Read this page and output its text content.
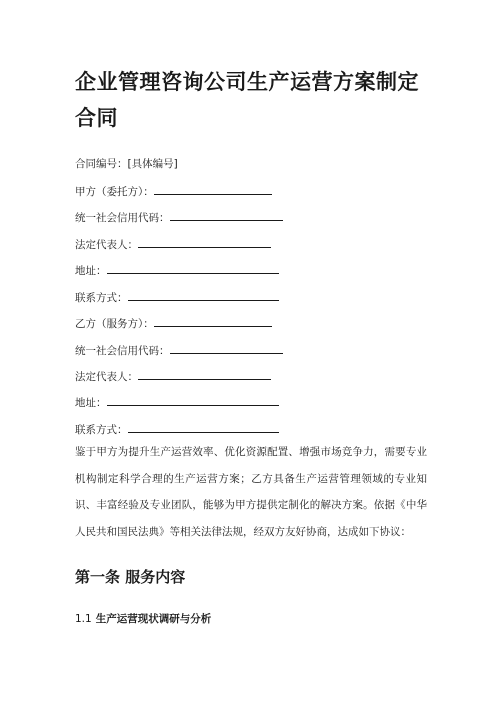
企业管理咨询公司生产运营方案制定合同
合同编号：[具体编号]
甲方（委托方）：
统一社会信用代码：
法定代表人：
地址：
联系方式：
乙方（服务方）：
统一社会信用代码：
法定代表人：
地址：
联系方式：

鉴于甲方为提升生产运营效率、优化资源配置、增强市场竞争力，需要专业机构制定科学合理的生产运营方案；乙方具备生产运营管理领域的专业知识、丰富经验及专业团队，能够为甲方提供定制化的解决方案。依据《中华人民共和国民法典》等相关法律法规，经双方友好协商，达成如下协议：

第一条 服务内容
1.1 生产运营现状调研与分析
